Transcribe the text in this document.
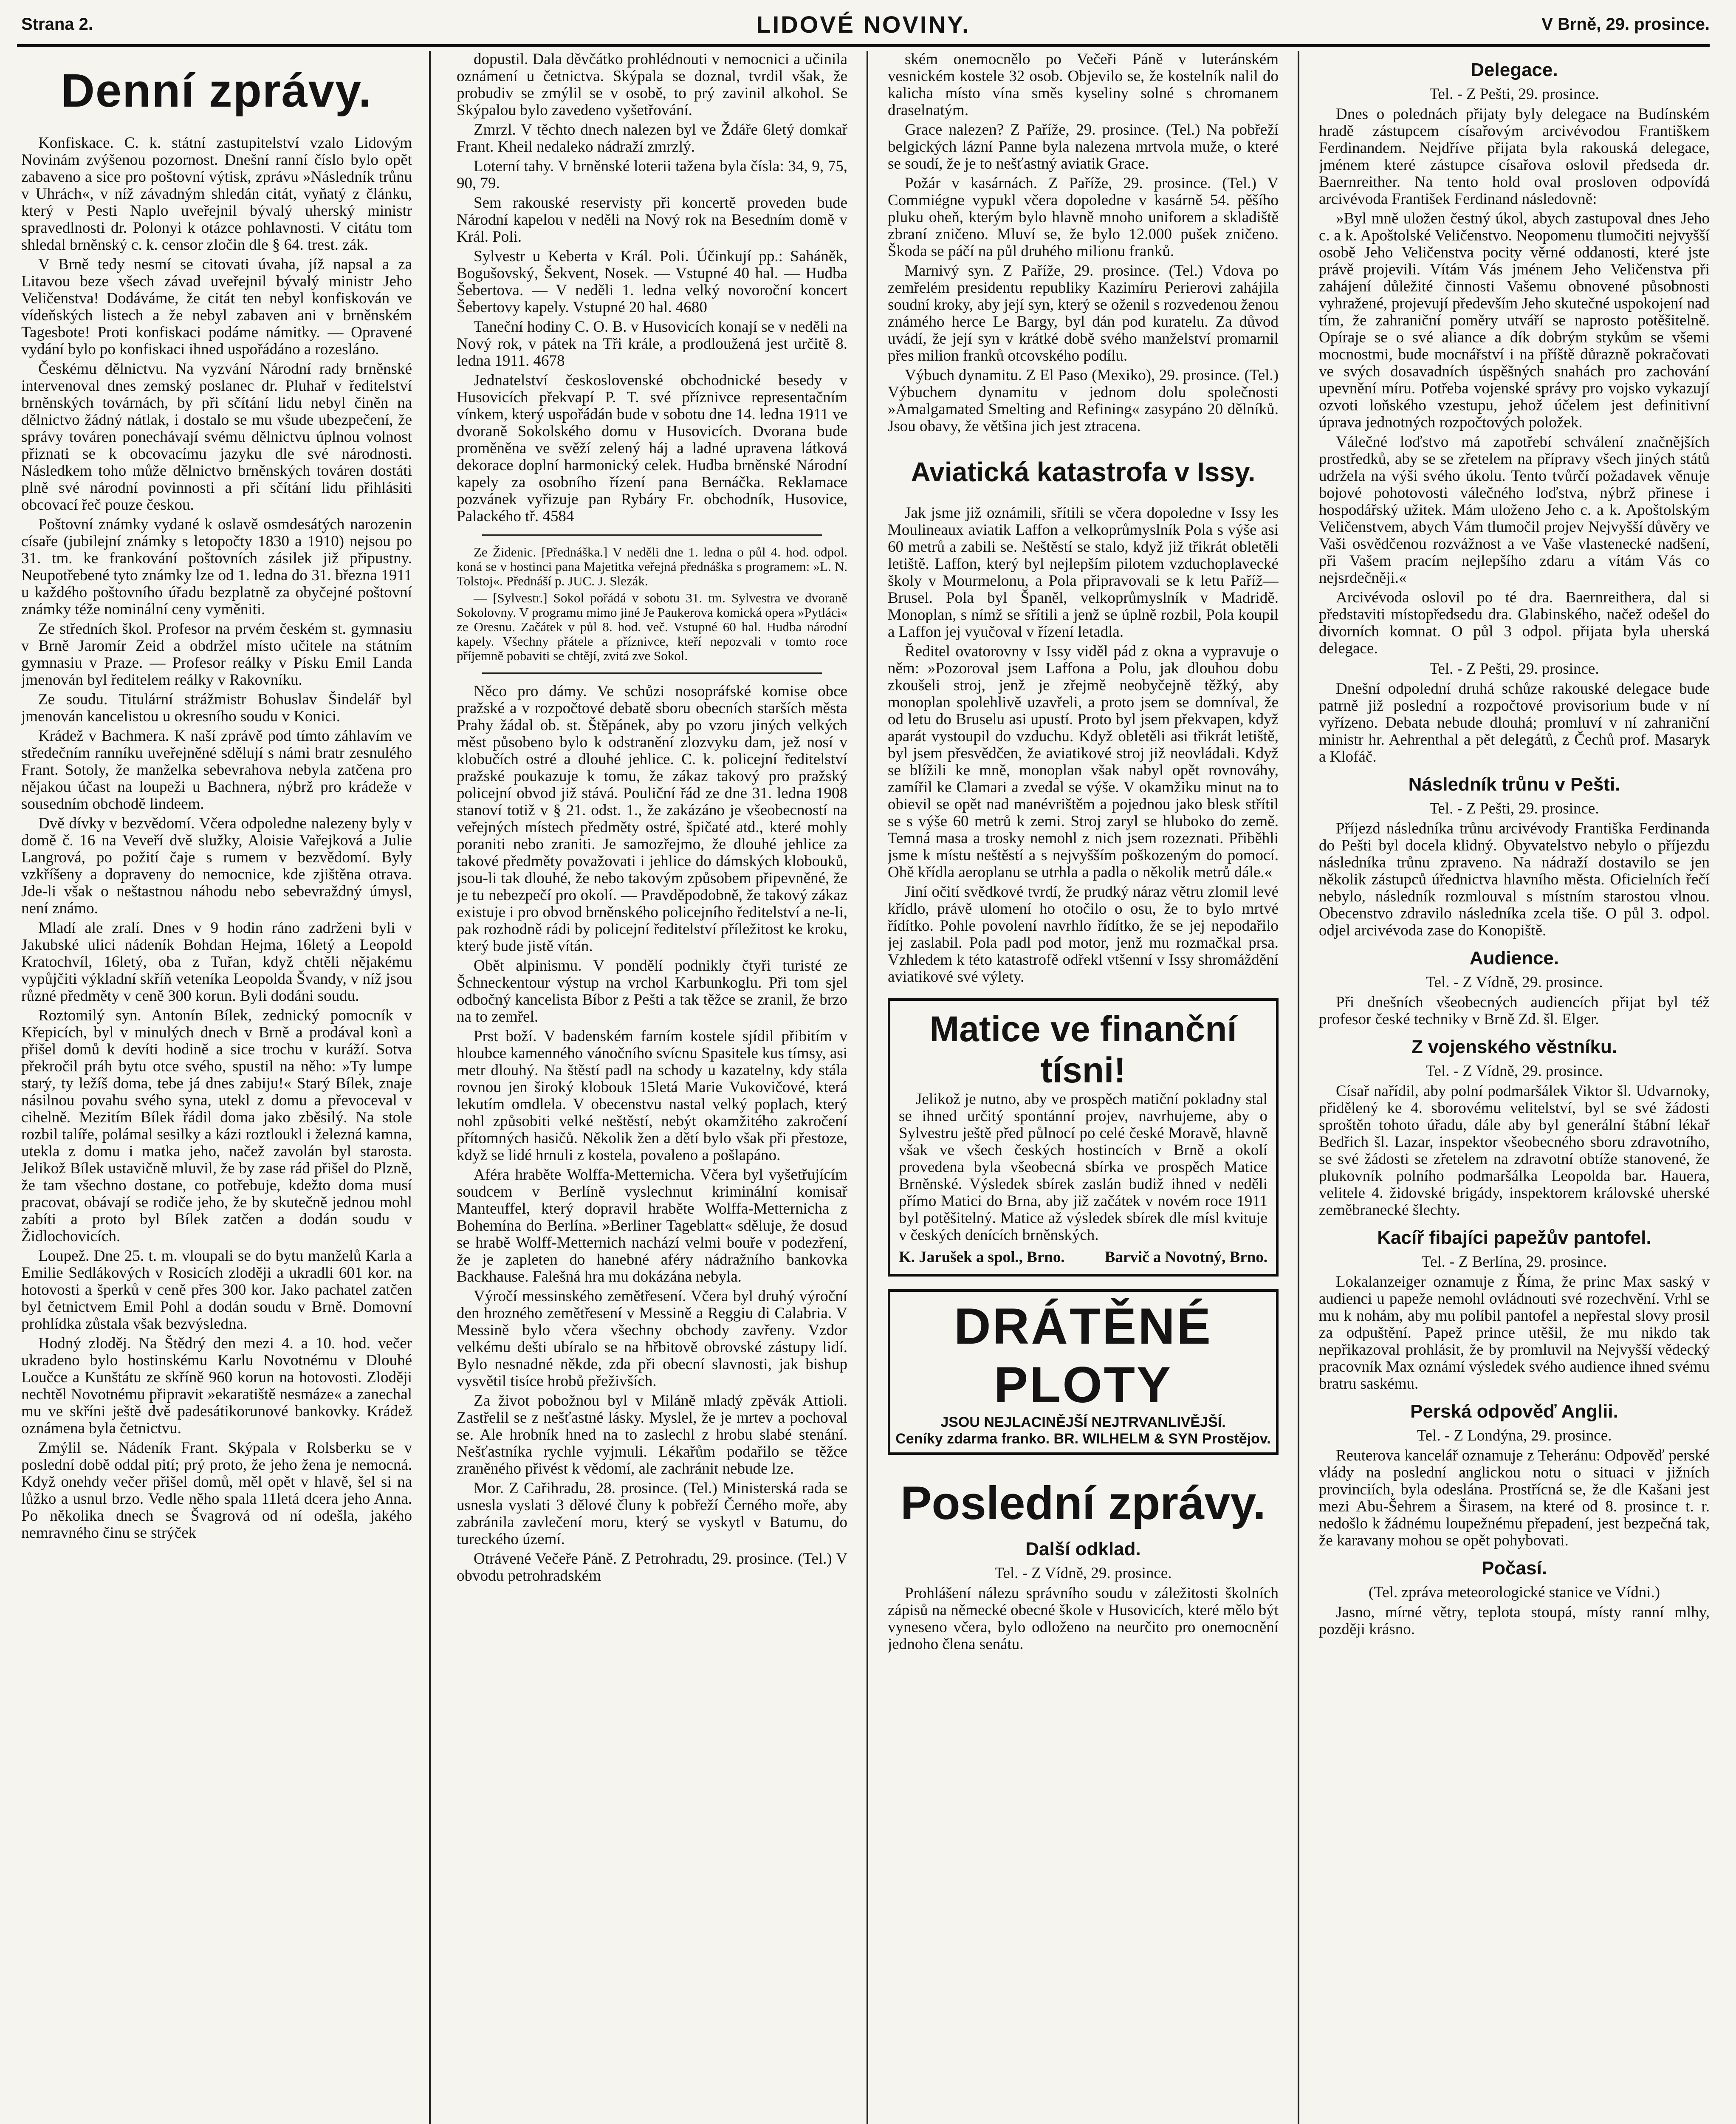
Strana 2.	LIDOVÉ NOVINY.	V Brně, 29. prosince.
Denní zprávy.

Konfiskace. C. k. státní zastupitelství vzalo Lidovým Novinám zvýšenou pozornost. Dnešní ranní číslo bylo opět zabaveno a sice pro poštovní výtisk, zprávu »Následník trůnu v Uhrách«, v níž závadným shledán citát, vyňatý z článku, který v Pesti Naplo uveřejnil bývalý uherský ministr spravedlnosti dr. Polonyi k otázce pohlavnosti. V citátu tom shledal brněnský c. k. censor zločin dle § 64. trest. zák.

V Brně tedy nesmí se citovati úvaha, jíž napsal a za Litavou beze všech závad uveřejnil bývalý ministr Jeho Veličenstva! Dodáváme, že citát ten nebyl konfiskován ve vídeňských listech a že nebyl zabaven ani v brněnském Tagesbote! Proti konfiskaci podáme námitky. — Opravené vydání bylo po konfiskaci ihned uspořádáno a rozesláno.

Českému dělnictvu. Na vyzvání Národní rady brněnské intervenoval dnes zemský poslanec dr. Pluhař v ředitelství brněnských továrnách, by při sčítání lidu nebyl činěn na dělnictvo žádný nátlak, i dostalo se mu všude ubezpečení, že správy továren ponechávají svému dělnictvu úplnou volnost přiznati se k obcovacímu jazyku dle své národnosti. Následkem toho může dělnictvo brněnských továren dostáti plně své národní povinnosti a při sčítání lidu přihlásiti obcovací řeč pouze českou.

Poštovní známky vydané k oslavě osmdesátých narozenin císaře (jubilejní známky s letopočty 1830 a 1910) nejsou po 31. tm. ke frankování poštovních zásilek již připustny. Neupotřebené tyto známky lze od 1. ledna do 31. března 1911 u každého poštovního úřadu bezplatně za obyčejné poštovní známky téže nominální ceny vyměniti.

Ze středních škol. Profesor na prvém českém st. gymnasiu v Brně Jaromír Zeid a obdržel místo učitele na státním gymnasiu v Praze. — Profesor reálky v Písku Emil Landa jmenován byl ředitelem reálky v Rakovníku.

Ze soudu. Titulární strážmistr Bohuslav Šindelář byl jmenován kancelistou u okresního soudu v Konici.

Krádež v Bachmera. K naší zprávě pod tímto záhlavím ve středečním ranníku uveřejněné sdělují s námi bratr zesnulého Frant. Sotoly, že manželka sebevrahova nebyla zatčena pro nějakou účast na loupeži u Bachnera, nýbrž pro krádeže v sousedním obchodě lindeem.

Dvě dívky v bezvědomí. Včera odpoledne nalezeny byly v domě č. 16 na Veveří dvě služky, Aloisie Vařejková a Julie Langrová, po požití čaje s rumem v bezvědomí. Byly vzkříšeny a dopraveny do nemocnice, kde zjištěna otrava. Jde-li však o neštastnou náhodu nebo sebevraždný úmysl, není známo.

Mladí ale zralí. Dnes v 9 hodin ráno zadrženi byli v Jakubské ulici nádeník Bohdan Hejma, 16letý a Leopold Kratochvíl, 16letý, oba z Tuřan, když chtěli nějakému vypůjčiti výkladní skříň veteníka Leopolda Švandy, v níž jsou různé předměty v ceně 300 korun. Byli dodáni soudu.

Roztomilý syn. Antonín Bílek, zednický pomocník v Křepicích, byl v minulých dnech v Brně a prodával konì a přišel domů k devíti hodině a sice trochu v kuráží. Sotva překročil práh bytu otce svého, spustil na něho: »Ty lumpe starý, ty ležíš doma, tebe já dnes zabiju!« Starý Bílek, znaje násilnou povahu svého syna, utekl z domu a převoceval v cihelně. Mezitím Bílek řádil doma jako zběsilý. Na stole rozbil talíře, polámal sesilky a kázi roztloukl i železná kamna, utekla z domu i matka jeho, načež zavolán byl starosta. Jelikož Bílek ustavičně mluvil, že by zase rád přišel do Plzně, že tam všechno dostane, co potřebuje, kdežto doma musí pracovat, obávají se rodiče jeho, že by skutečně jednou mohl zabíti a proto byl Bílek zatčen a dodán soudu v Židlochovicích.

Loupež. Dne 25. t. m. vloupali se do bytu manželů Karla a Emilie Sedlákových v Rosicích zloději a ukradli 601 kor. na hotovosti a šperků v ceně přes 300 kor. Jako pachatel zatčen byl četnictvem Emil Pohl a dodán soudu v Brně. Domovní prohlídka zůstala však bezvýsledna.

Hodný zloděj. Na Štědrý den mezi 4. a 10. hod. večer ukradeno bylo hostinskému Karlu Novotnému v Dlouhé Loučce a Kunštátu ze skříně 960 korun na hotovosti. Zloději nechtěl Novotnému připravit »ekaratiště nesmáze« a zanechal mu ve skříni ještě dvě padesátikorunové bankovky. Krádež oznámena byla četnictvu.

Zmýlil se. Nádeník Frant. Skýpala v Rolsberku se v poslední době oddal pití; prý proto, že jeho žena je nemocná. Když onehdy večer přišel domů, měl opět v hlavě, šel si na lůžko a usnul brzo. Vedle něho spala 11letá dcera jeho Anna. Po několika dnech se Švagrová od ní odešla, jakého nemravného činu se strýček

dopustil. Dala děvčátko prohlédnouti v nemocnici a učinila oznámení u četnictva. Skýpala se doznal, tvrdil však, že probudiv se zmýlil se v osobě, to prý zavinil alkohol. Se Skýpalou bylo zavedeno vyšetřování.

Zmrzl. V těchto dnech nalezen byl ve Ždáře 6letý domkař Frant. Kheil nedaleko nádraží zmrzlý.

Loterní tahy. V brněnské loterii tažena byla čísla: 34, 9, 75, 90, 79.

Sem rakouské reservisty při koncertě proveden bude Národní kapelou v neděli na Nový rok na Besedním domě v Král. Poli.

Sylvestr u Keberta v Král. Poli. Účinkují pp.: Saháněk, Bogušovský, Šekvent, Nosek. — Vstupné 40 hal. — Hudba Šebertova. — V neděli 1. ledna velký novoroční koncert Šebertovy kapely. Vstupné 20 hal. 4680

Taneční hodiny C. O. B. v Husovicích konají se v neděli na Nový rok, v pátek na Tři krále, a prodloužená jest určitě 8. ledna 1911. 4678

Jednatelství československé obchodnické besedy v Husovicích překvapí P. T. své příznivce representačním vínkem, který uspořádán bude v sobotu dne 14. ledna 1911 ve dvoraně Sokolského domu v Husovicích. Dvorana bude proměněna ve svěží zelený háj a ladné upravena látková dekorace doplní harmonický celek. Hudba brněnské Národní kapely za osobního řízení pana Bernáčka. Reklamace pozvánek vyřizuje pan Rybáry Fr. obchodník, Husovice, Palackého tř. 4584

Ze Židenic. [Přednáška.] V neděli dne 1. ledna o půl 4. hod. odpol. koná se v hostinci pana Majetitka veřejná přednáška s programem: »L. N. Tolstoj«. Přednáší p. JUC. J. Slezák.

— [Sylvestr.] Sokol pořádá v sobotu 31. tm. Sylvestra ve dvoraně Sokolovny. V programu mimo jiné Je Paukerova komická opera »Pytláci« ze Oresnu. Začátek v půl 8. hod. več. Vstupné 60 hal. Hudba národní kapely. Všechny přátele a příznivce, kteří nepozvali v tomto roce příjemně pobaviti se chtějí, zvitá zve Sokol.

Něco pro dámy. Ve schůzi nosopráfské komise obce pražské a v rozpočtové debatě sboru obecních starších města Prahy žádal ob. st. Štěpánek, aby po vzoru jiných velkých měst působeno bylo k odstranění zlozvyku dam, jež nosí v klobučích ostré a dlouhé jehlice. C. k. policejní ředitelství pražské poukazuje k tomu, že zákaz takový pro pražský policejní obvod již stává. Pouliční řád ze dne 31. ledna 1908 stanoví totiž v § 21. odst. 1., že zakázáno je všeobecností na veřejných místech předměty ostré, špičaté atd., které mohly poraniti nebo zraniti. Je samozřejmo, že dlouhé jehlice za takové předměty považovati i jehlice do dámských klobouků, jsou-li tak dlouhé, že nebo takovým způsobem připevněné, že je tu nebezpečí pro okolí. — Pravděpodobně, že takový zákaz existuje i pro obvod brněnského policejního ředitelství a ne-li, pak rozhodně rádi by policejní ředitelství příležitost ke kroku, který bude jistě vítán.

Obět alpinismu. V pondělí podnikly čtyři turisté ze Šchneckentour výstup na vrchol Karbunkoglu. Při tom sjel odbočný kancelista Bíbor z Pešti a tak těžce se zranil, že brzo na to zemřel.

Prst boží. V badenském farním kostele sjídil přibitím v hloubce kamenného vánočního svícnu Spasitele kus tímsy, asi metr dlouhý. Na štěstí padl na schody u kazatelny, kdy stála rovnou jen široký klobouk 15letá Marie Vukovičové, která lekutím omdlela. V obecenstvu nastal velký poplach, který nohl způsobiti velké neštěstí, nebýt okamžitého zakročení přítomných hasičů. Několik žen a dětí bylo však při přestoze, když se lidé hrnuli z kostela, povaleno a pošlapáno.

Aféra hraběte Wolffa-Metternicha. Včera byl vyšetřujícím soudcem v Berlíně vyslechnut kriminální komisař Manteuffel, který dopravil hraběte Wolffa-Metternicha z Bohemína do Berlína. »Berliner Tageblatt« sděluje, že dosud se hrabě Wolff-Metternich nachází velmi bouře v podezření, že je zapleten do hanebné aféry nádražního bankovka Backhause. Falešná hra mu dokázána nebyla.

Výročí messinského zemětřesení. Včera byl druhý výroční den hrozného zemětřesení v Messině a Reggiu di Calabria. V Messině bylo včera všechny obchody zavřeny. Vzdor velkému dešti ubíralo se na hřbitově obrovské zástupy lidí. Bylo nesnadné někde, zda při obecní slavnosti, jak bishup vysvětil tisíce hrobů přeživších.

Za život pobožnou byl v Miláně mladý zpěvák Attioli. Zastřelil se z nešťastné lásky. Myslel, že je mrtev a pochoval se. Ale hrobník hned na to zaslechl z hrobu slabé stenání. Nešťastníka rychle vyjmuli. Lékařům podařilo se těžce zraněného přivést k vědomí, ale zachránit nebude lze.

Mor. Z Cařihradu, 28. prosince. (Tel.) Ministerská rada se usnesla vyslati 3 dělové čluny k pobřeží Černého moře, aby zabránila zavlečení moru, který se vyskytl v Batumu, do tureckého území.

Otrávené Večeře Páně. Z Petrohradu, 29. prosince. (Tel.) V obvodu petrohradském

ském onemocnělo po Večeři Páně v luteránském vesnickém kostele 32 osob. Objevilo se, že kostelník nalil do kalicha místo vína směs kyseliny solné s chromanem draselnatým.

Grace nalezen? Z Paříže, 29. prosince. (Tel.) Na pobřeží belgických lázní Panne byla nalezena mrtvola muže, o které se soudí, že je to nešťastný aviatik Grace.

Požár v kasárnách. Z Paříže, 29. prosince. (Tel.) V Commiégne vypukl včera dopoledne v kasárně 54. pěšího pluku oheň, kterým bylo hlavně mnoho uniforem a skladiště zbraní zničeno. Mluví se, že bylo 12.000 pušek zničeno. Škoda se páčí na půl druhého milionu franků.

Marnivý syn. Z Paříže, 29. prosince. (Tel.) Vdova po zemřelém presidentu republiky Kazimíru Perierovi zahájila soudní kroky, aby její syn, který se oženil s rozvedenou ženou známého herce Le Bargy, byl dán pod kuratelu. Za důvod uvádí, že její syn v krátké době svého manželství promarnil přes milion franků otcovského podílu.

Výbuch dynamitu. Z El Paso (Mexiko), 29. prosince. (Tel.) Výbuchem dynamitu v jednom dolu společnosti »Amalgamated Smelting and Refining« zasypáno 20 dělníků. Jsou obavy, že většina jich jest ztracena.

Aviatická katastrofa v Issy.

Jak jsme již oznámili, sřítili se včera dopoledne v Issy les Moulineaux aviatik Laffon a velkoprůmyslník Pola s výše asi 60 metrů a zabili se. Neštěstí se stalo, když již třikrát obletěli letiště. Laffon, který byl nejlepším pilotem vzduchoplavecké školy v Mourmelonu, a Pola připravovali se k letu Paříž—Brusel. Pola byl Španěl, velkoprůmyslník v Madridě. Monoplan, s nímž se sřítili a jenž se úplně rozbil, Pola koupil a Laffon jej vyučoval v řízení letadla.

Ředitel ovatorovny v Issy viděl pád z okna a vypravuje o něm: »Pozoroval jsem Laffona a Polu, jak dlouhou dobu zkoušeli stroj, jenž je zřejmě neobyčejně těžký, aby monoplan spolehlivě uzavřeli, a proto jsem se domníval, že od letu do Bruselu asi upustí. Proto byl jsem překvapen, když aparát vystoupil do vzduchu. Když obletěli asi třikrát letiště, byl jsem přesvědčen, že aviatikové stroj již neovládali. Když se blížili ke mně, monoplan však nabyl opět rovnováhy, zamířil ke Clamari a zvedal se výše. V okamžiku minut na to obievil se opět nad manévrištěm a pojednou jako blesk střítil se s výše 60 metrů k zemi. Stroj zaryl se hluboko do země. Temná masa a trosky nemohl z nich jsem rozeznati. Přiběhli jsme k místu neštěstí a s nejvyšším poškozeným do pomocí. Ohě křídla aeroplanu se utrhla a padla o několik metrů dále.«

Jiní očití svědkové tvrdí, že prudký náraz větru zlomil levé křídlo, právě ulomení ho otočilo o osu, že to bylo mrtvé řídítko. Pohle povolení navrhlo řídítko, že se jej nepodařilo jej zaslabil. Pola padl pod motor, jenž mu rozmačkal prsa. Vzhledem k této katastrofě odřekl vtšenní v Issy shromáždění aviatikové své výlety.

Matice ve finanční tísni!

Jelikož je nutno, aby ve prospěch matiční pokladny stal se ihned určitý spontánní projev, navrhujeme, aby o Sylvestru ještě před půlnocí po celé české Moravě, hlavně však ve všech českých hostincích v Brně a okolí provedena byla všeobecná sbírka ve prospěch Matice Brněnské. Výsledek sbírek zaslán budiž ihned v neděli přímo Matici do Brna, aby již začátek v novém roce 1911 byl potěšitelný. Matice až výsledek sbírek dle mísl kvituje v českých denících brněnských.

K. Jarušek a spol., Brno.	Barvič a Novotný, Brno.
DRÁTĚNÉ PLOTY
JSOU NEJLACINĚJŠÍ NEJTRVANLIVĚJŠÍ.
Ceníky zdarma franko. BR. WILHELM & SYN Prostějov.
Poslední zprávy.
Další odklad.
Tel. - Z Vídně, 29. prosince.

Prohlášení nálezu správního soudu v záležitosti školních zápisů na německé obecné škole v Husovicích, které mělo být vyneseno včera, bylo odloženo na neurčito pro onemocnění jednoho člena senátu.

Delegace.
Tel. - Z Pešti, 29. prosince.

Dnes o polednách přijaty byly delegace na Budínském hradě zástupcem císařovým arcivévodou Františkem Ferdinandem. Nejdříve přijata byla rakouská delegace, jménem které zástupce císařova oslovil předseda dr. Baernreither. Na tento hold oval prosloven odpovídá arcivévoda František Ferdinand následovně:

»Byl mně uložen čestný úkol, abych zastupoval dnes Jeho c. a k. Apoštolské Veličenstvo. Neopomenu tlumočiti nejvyšší osobě Jeho Veličenstva pocity věrné oddanosti, které jste právě projevili. Vítám Vás jménem Jeho Veličenstva při zahájení důležité činnosti Vašemu obnovené působnosti vyhražené, projevují především Jeho skutečné uspokojení nad tím, že zahraniční poměry utváří se naprosto potěšitelně. Opíraje se o své aliance a dík dobrým stykům se všemi mocnostmi, bude mocnářství i na příště důrazně pokračovati ve svých dosavadních úspěšných snahách pro zachování upevnění míru. Potřeba vojenské správy pro vojsko vykazují ozvoti loňského vzestupu, jehož účelem jest definitivní úprava jednotných rozpočtových položek.

Válečné loďstvo má zapotřebí schválení značnějších prostředků, aby se se zřetelem na přípravy všech jiných států udržela na výši svého úkolu. Tento tvůrčí požadavek věnuje bojové pohotovosti válečného loďstva, nýbrž přinese i hospodářský užitek. Mám uloženo Jeho c. a k. Apoštolským Veličenstvem, abych Vám tlumočil projev Nejvyšší důvěry ve Vaši osvědčenou rozvážnost a ve Vaše vlastenecké nadšení, při Vašem pracím nejlepšího zdaru a vítám Vás co nejsrdečněji.«

Arcivévoda oslovil po té dra. Baernreithera, dal si představiti místopředsedu dra. Glabinského, načež odešel do divorních komnat. O půl 3 odpol. přijata byla uherská delegace.

Tel. - Z Pešti, 29. prosince.

Dnešní odpolední druhá schůze rakouské delegace bude patrně již poslední a rozpočtové provisorium bude v ní vyřízeno. Debata nebude dlouhá; promluví v ní zahraniční ministr hr. Aehrenthal a pět delegátů, z Čechů prof. Masaryk a Klofáč.

Následník trůnu v Pešti.
Tel. - Z Pešti, 29. prosince.

Příjezd následníka trůnu arcivévody Františka Ferdinanda do Pešti byl docela klidný. Obyvatelstvo nebylo o příjezdu následníka trůnu zpraveno. Na nádraží dostavilo se jen několik zástupců úřednictva hlavního města. Oficielních řečí nebylo, následník rozmlouval s místním starostou vlnou. Obecenstvo zdravilo následníka zcela tiše. O půl 3. odpol. odjel arcivévoda zase do Konopiště.

Audience.
Tel. - Z Vídně, 29. prosince.

Při dnešních všeobecných audiencích přijat byl též profesor české techniky v Brně Zd. šl. Elger.

Z vojenského věstníku.
Tel. - Z Vídně, 29. prosince.

Císař nařídil, aby polní podmaršálek Viktor šl. Udvarnoky, přidělený ke 4. sborovému velitelství, byl se své žádosti sproštěn tohoto úřadu, dále aby byl generální štábní lékař Bedřich šl. Lazar, inspektor všeobecného sboru zdravotního, se své žádosti se zřetelem na zdravotní obtíže stanovené, že plukovník polního podmaršálka Leopolda bar. Hauera, velitele 4. židovské brigády, inspektorem královské uherské zeměbranecké šlechty.

Kacíř fibajíci papežův pantofel.
Tel. - Z Berlína, 29. prosince.

Lokalanzeiger oznamuje z Říma, že princ Max saský v audienci u papeže nemohl ovládnouti své rozechvění. Vrhl se mu k nohám, aby mu políbil pantofel a nepřestal slovy prosil za odpuštění. Papež prince utěšil, že mu nikdo tak nepřikazoval prohlásit, že by promluvil na Nejvyšší vědecký pracovník Max oznámí výsledek svého audience ihned svému bratru saskému.

Perská odpověď Anglii.
Tel. - Z Londýna, 29. prosince.

Reuterova kancelář oznamuje z Teheránu: Odpověď perské vlády na poslední anglickou notu o situaci v jižních provinciích, byla odeslána. Prostřícná se, že dle Kašani jest mezi Abu-Šehrem a Širasem, na které od 8. prosince t. r. nedošlo k žádnému loupežnému přepadení, jest bezpečná tak, že karavany mohou se opět pohybovati.

Počasí.
(Tel. zpráva meteorologické stanice ve Vídni.)

Jasno, mírné větry, teplota stoupá, místy ranní mlhy, později krásno.
